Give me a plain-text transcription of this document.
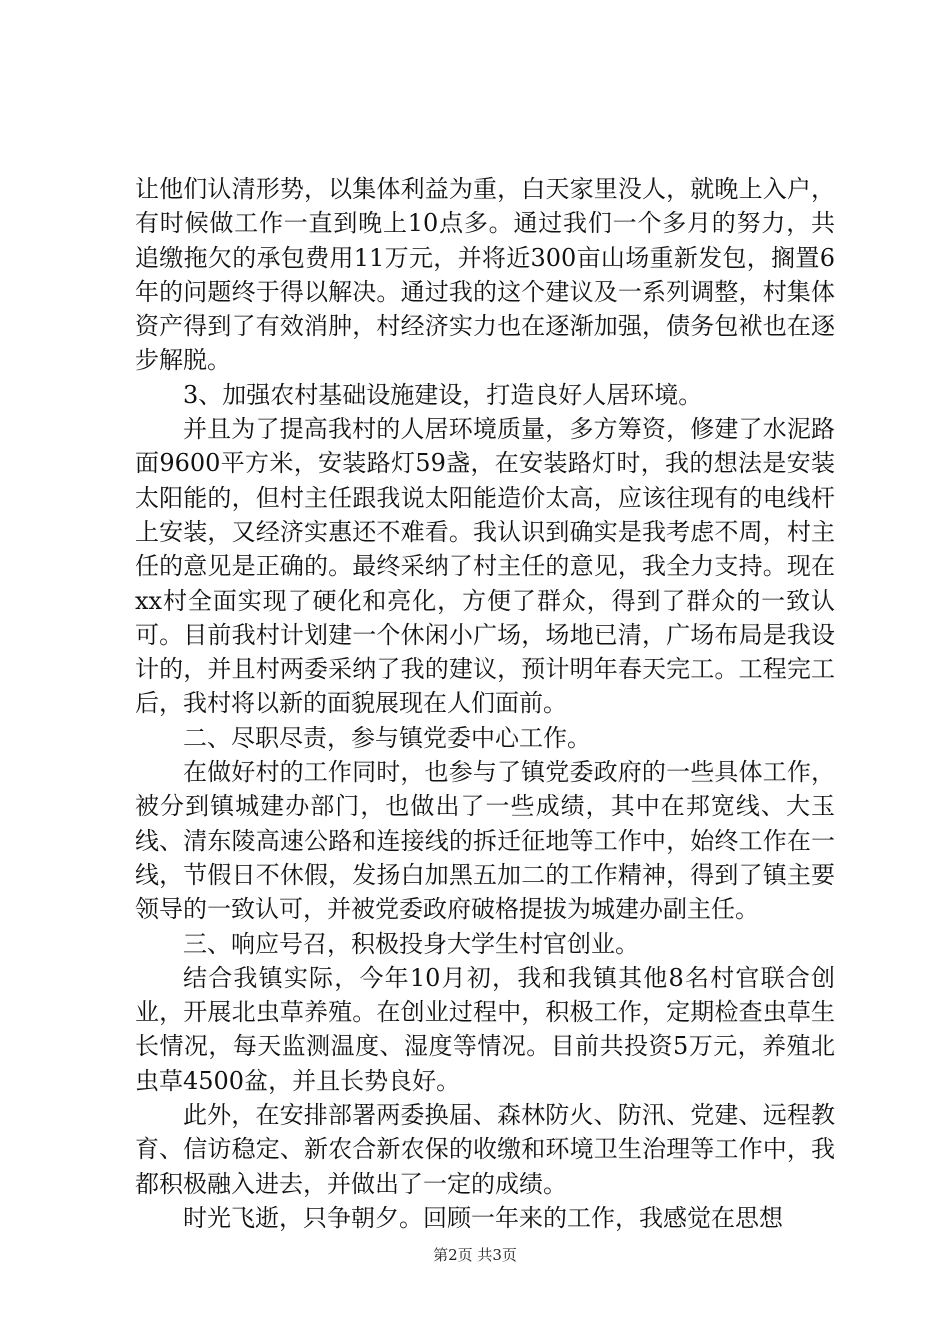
让他们认清形势，以集体利益为重，白天家里没人，就晚上入户，有时候做工作一直到晚上10点多。通过我们一个多月的努力，共追缴拖欠的承包费用11万元，并将近300亩山场重新发包，搁置6年的问题终于得以解决。通过我的这个建议及一系列调整，村集体资产得到了有效消肿，村经济实力也在逐渐加强，债务包袱也在逐步解脱。

3、加强农村基础设施建设，打造良好人居环境。

并且为了提高我村的人居环境质量，多方筹资，修建了水泥路面9600平方米，安装路灯59盏，在安装路灯时，我的想法是安装太阳能的，但村主任跟我说太阳能造价太高，应该往现有的电线杆上安装，又经济实惠还不难看。我认识到确实是我考虑不周，村主任的意见是正确的。最终采纳了村主任的意见，我全力支持。现在xx村全面实现了硬化和亮化，方便了群众，得到了群众的一致认可。目前我村计划建一个休闲小广场，场地已清，广场布局是我设计的，并且村两委采纳了我的建议，预计明年春天完工。工程完工后，我村将以新的面貌展现在人们面前。

二、尽职尽责，参与镇党委中心工作。

在做好村的工作同时，也参与了镇党委政府的一些具体工作，被分到镇城建办部门，也做出了一些成绩，其中在邦宽线、大玉线、清东陵高速公路和连接线的拆迁征地等工作中，始终工作在一线，节假日不休假，发扬白加黑五加二的工作精神，得到了镇主要领导的一致认可，并被党委政府破格提拔为城建办副主任。

三、响应号召，积极投身大学生村官创业。

结合我镇实际，今年10月初，我和我镇其他8名村官联合创业，开展北虫草养殖。在创业过程中，积极工作，定期检查虫草生长情况，每天监测温度、湿度等情况。目前共投资5万元，养殖北虫草4500盆，并且长势良好。

此外，在安排部署两委换届、森林防火、防汛、党建、远程教育、信访稳定、新农合新农保的收缴和环境卫生治理等工作中，我都积极融入进去，并做出了一定的成绩。

时光飞逝，只争朝夕。回顾一年来的工作，我感觉在思想

第2页 共3页
